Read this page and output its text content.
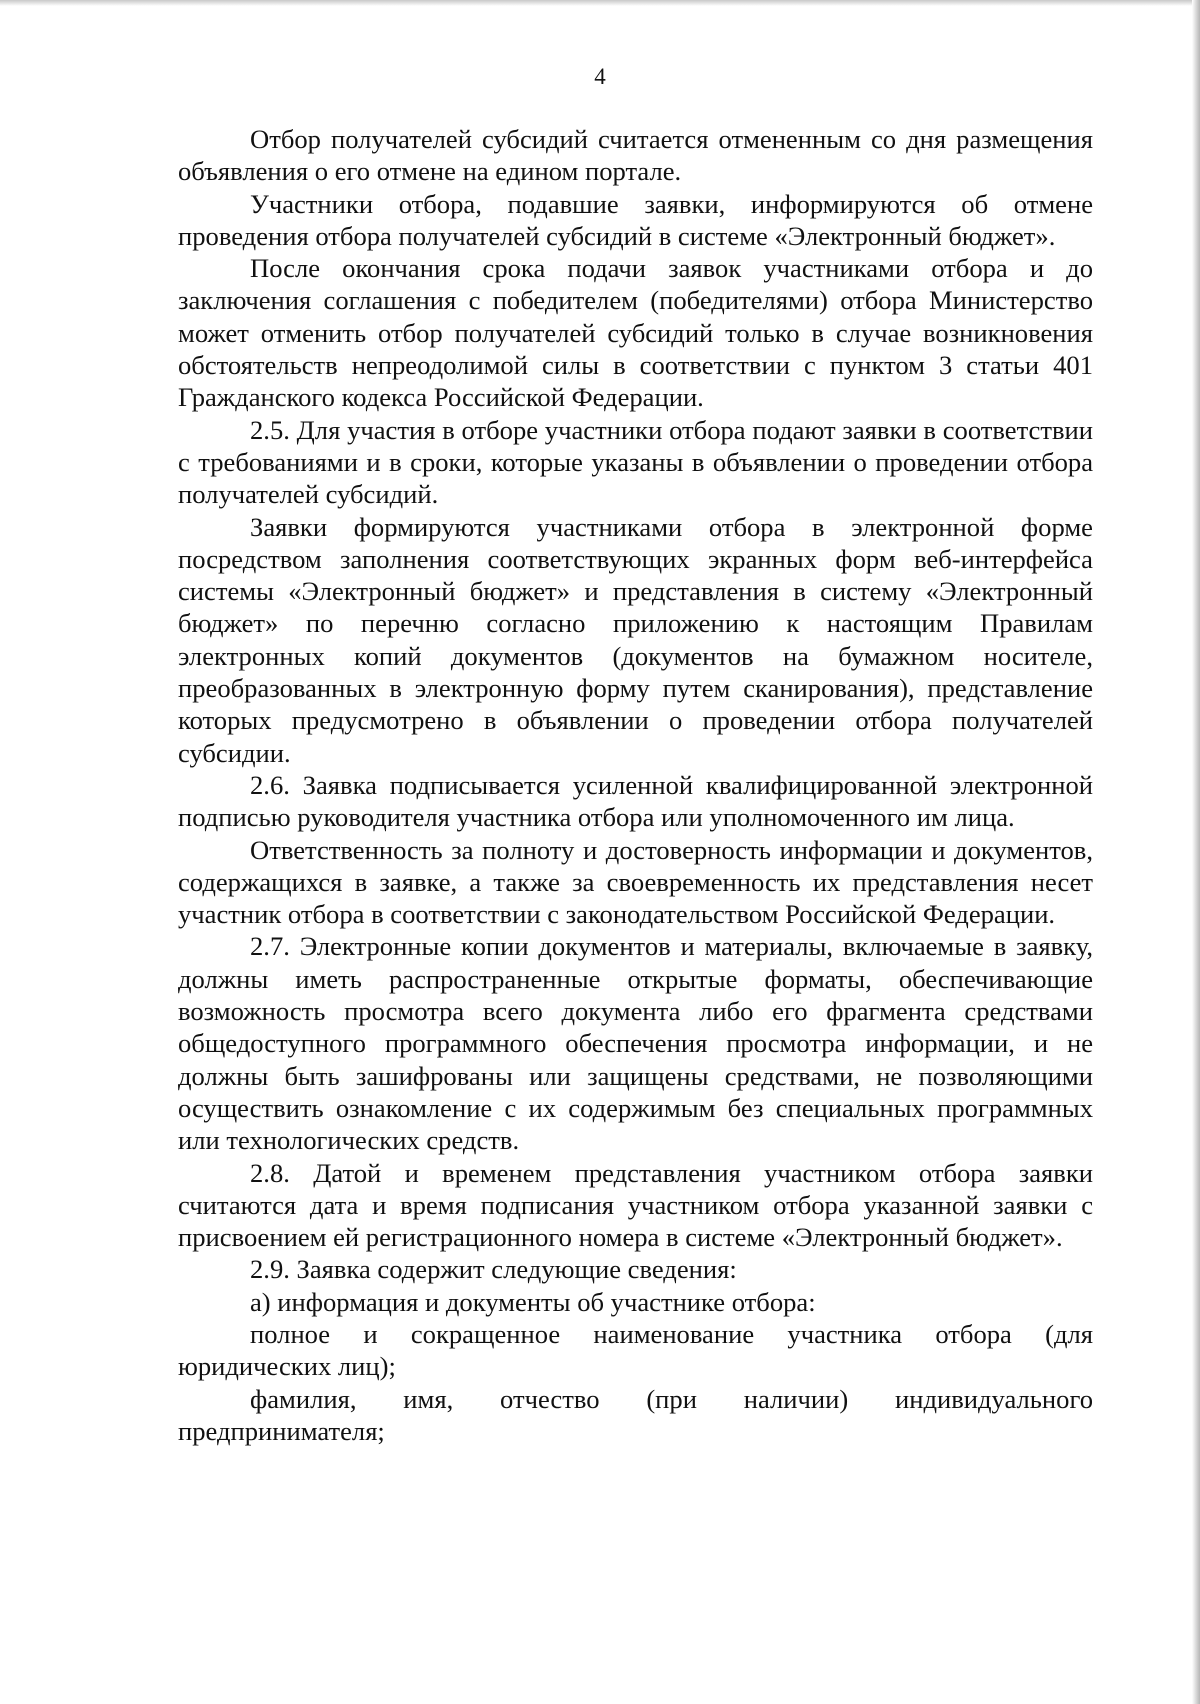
4

Отбор получателей субсидий считается отмененным со дня размещения объявления о его отмене на едином портале.

Участники отбора, подавшие заявки, информируются об отмене проведения отбора получателей субсидий в системе «Электронный бюджет».

После окончания срока подачи заявок участниками отбора и до заключения соглашения с победителем (победителями) отбора Министерство может отменить отбор получателей субсидий только в случае возникновения обстоятельств непреодолимой силы в соответствии с пунктом 3 статьи 401 Гражданского кодекса Российской Федерации.

2.5. Для участия в отборе участники отбора подают заявки в соответствии с требованиями и в сроки, которые указаны в объявлении о проведении отбора получателей субсидий.

Заявки формируются участниками отбора в электронной форме посредством заполнения соответствующих экранных форм веб-интерфейса системы «Электронный бюджет» и представления в систему «Электронный бюджет» по перечню согласно приложению к настоящим Правилам электронных копий документов (документов на бумажном носителе, преобразованных в электронную форму путем сканирования), представление которых предусмотрено в объявлении о проведении отбора получателей субсидии.

2.6. Заявка подписывается усиленной квалифицированной электронной подписью руководителя участника отбора или уполномоченного им лица.

Ответственность за полноту и достоверность информации и документов, содержащихся в заявке, а также за своевременность их представления несет участник отбора в соответствии с законодательством Российской Федерации.

2.7. Электронные копии документов и материалы, включаемые в заявку, должны иметь распространенные открытые форматы, обеспечивающие возможность просмотра всего документа либо его фрагмента средствами общедоступного программного обеспечения просмотра информации, и не должны быть зашифрованы или защищены средствами, не позволяющими осуществить ознакомление с их содержимым без специальных программных или технологических средств.

2.8. Датой и временем представления участником отбора заявки считаются дата и время подписания участником отбора указанной заявки с присвоением ей регистрационного номера в системе «Электронный бюджет».

2.9. Заявка содержит следующие сведения:

а) информация и документы об участнике отбора:

полное и сокращенное наименование участника отбора (для юридических лиц);

фамилия, имя, отчество (при наличии) индивидуального предпринимателя;
